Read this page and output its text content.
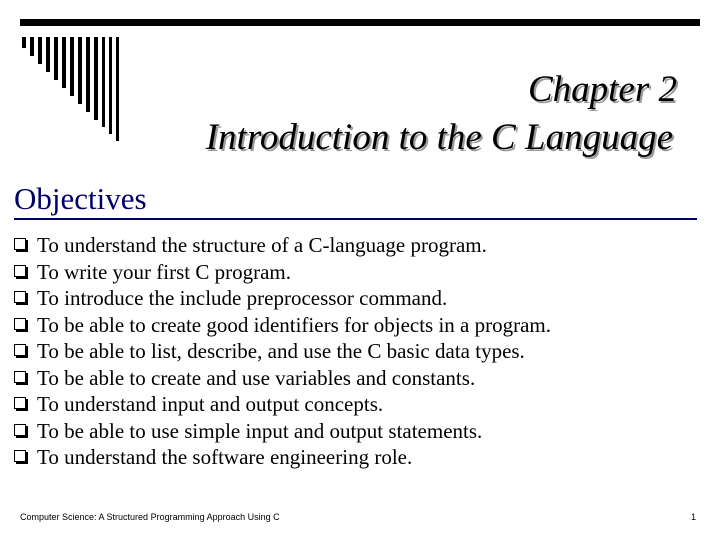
Chapter 2
Introduction to the C Language
Objectives
To understand the structure of a C-language program.
To write your first C program.
To introduce the include preprocessor command.
To be able to create good identifiers for objects in a program.
To be able to list, describe, and use the C basic data types.
To be able to create and use variables and constants.
To understand input and output concepts.
To be able to use simple input and output statements.
To understand the software engineering role.
Computer Science: A Structured Programming Approach Using C	1
